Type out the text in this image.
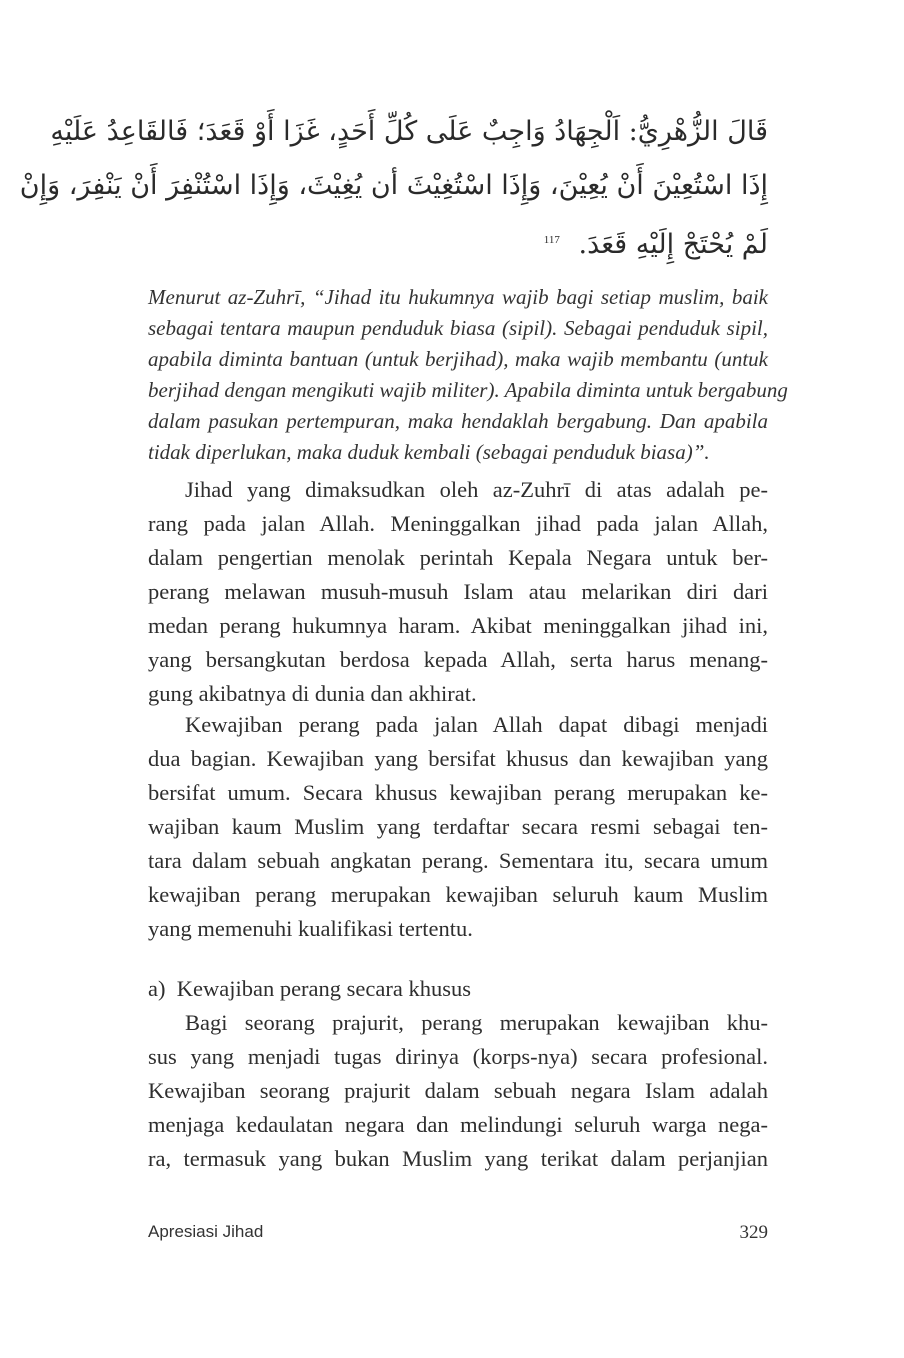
قَالَ الزُّهْرِيُّ: اَلْجِهَادُ وَاجِبٌ عَلَى كُلِّ أَحَدٍ، غَزَا أَوْ قَعَدَ؛ فَالقَاعِدُ عَلَيْهِ
إِذَا اسْتُعِيْنَ أَنْ يُعِيْنَ، وَإِذَا اسْتُغِيْثَ أن يُغِيْثَ، وَإِذَا اسْتُنْفِرَ أَنْ يَنْفِرَ، وَإِنْ
لَمْ يُحْتَجْ إِلَيْهِ قَعَدَ. $^{117}$
Menurut az-Zuhrī, “Jihad itu hukumnya wajib bagi setiap muslim, baik
sebagai tentara maupun penduduk biasa (sipil). Sebagai penduduk sipil,
apabila diminta bantuan (untuk berjihad), maka wajib membantu (untuk
berjihad dengan mengikuti wajib militer). Apabila diminta untuk bergabung
dalam pasukan pertempuran, maka hendaklah bergabung. Dan apabila
tidak diperlukan, maka duduk kembali (sebagai penduduk biasa)”.
Jihad yang dimaksudkan oleh az-Zuhrī di atas adalah pe-
rang pada jalan Allah. Meninggalkan jihad pada jalan Allah,
dalam pengertian menolak perintah Kepala Negara untuk ber-
perang melawan musuh-musuh Islam atau melarikan diri dari
medan perang hukumnya haram. Akibat meninggalkan jihad ini,
yang bersangkutan berdosa kepada Allah, serta harus menang-
gung akibatnya di dunia dan akhirat.
Kewajiban perang pada jalan Allah dapat dibagi menjadi
dua bagian. Kewajiban yang bersifat khusus dan kewajiban yang
bersifat umum. Secara khusus kewajiban perang merupakan ke-
wajiban kaum Muslim yang terdaftar secara resmi sebagai ten-
tara dalam sebuah angkatan perang. Sementara itu, secara umum
kewajiban perang merupakan kewajiban seluruh kaum Muslim
yang memenuhi kualifikasi tertentu.
a)  Kewajiban perang secara khusus
Bagi seorang prajurit, perang merupakan kewajiban khu-
sus yang menjadi tugas dirinya (korps-nya) secara profesional.
Kewajiban seorang prajurit dalam sebuah negara Islam adalah
menjaga kedaulatan negara dan melindungi seluruh warga nega-
ra, termasuk yang bukan Muslim yang terikat dalam perjanjian
Apresiasi Jihad	329
